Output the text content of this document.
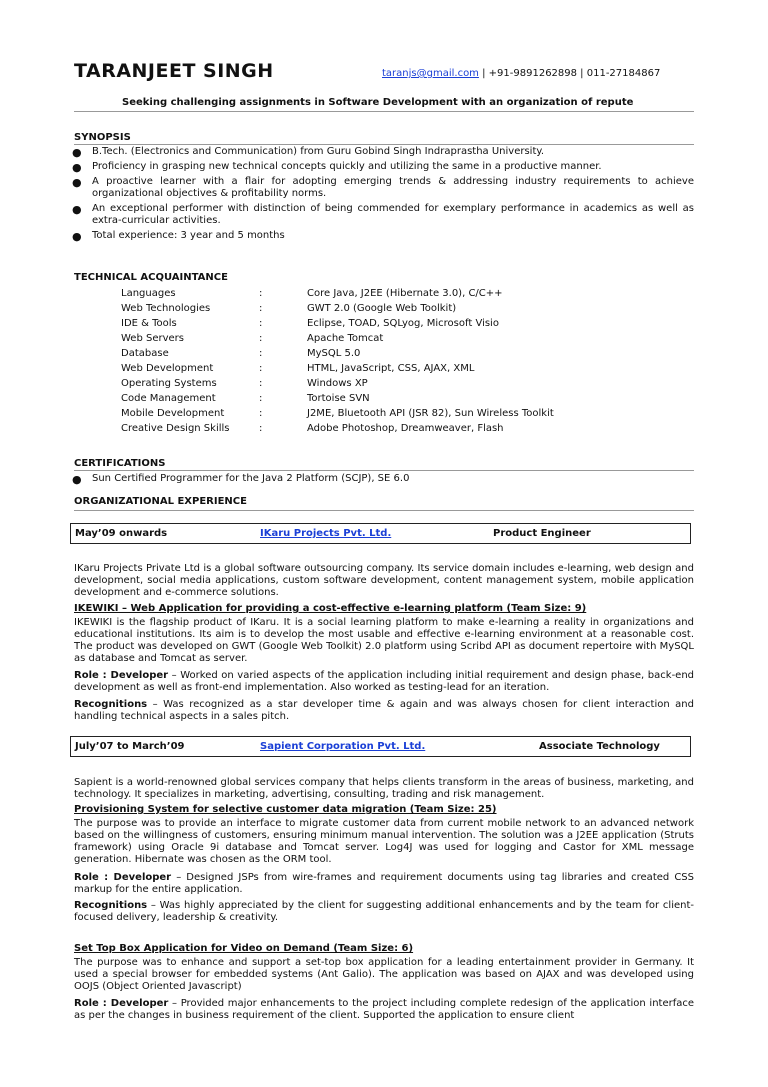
TARANJEET SINGH	taranjs@gmail.com | +91-9891262898 | 011-27184867
Seeking challenging assignments in Software Development with an organization of repute
SYNOPSIS
● B.Tech. (Electronics and Communication) from Guru Gobind Singh Indraprastha University.
● Proficiency in grasping new technical concepts quickly and utilizing the same in a productive manner.
● A proactive learner with a flair for adopting emerging trends & addressing industry requirements to achieve organizational objectives & profitability norms.
● An exceptional performer with distinction of being commended for exemplary performance in academics as well as extra-curricular activities.
● Total experience: 3 year and 5 months
TECHNICAL ACQUAINTANCE
Languages	:	Core Java, J2EE (Hibernate 3.0), C/C++
Web Technologies	:	GWT 2.0 (Google Web Toolkit)
IDE & Tools	:	Eclipse, TOAD, SQLyog, Microsoft Visio
Web Servers	:	Apache Tomcat
Database	:	MySQL 5.0
Web Development	:	HTML, JavaScript, CSS, AJAX, XML
Operating Systems	:	Windows XP
Code Management	:	Tortoise SVN
Mobile Development	:	J2ME, Bluetooth API (JSR 82), Sun Wireless Toolkit
Creative Design Skills	:	Adobe Photoshop, Dreamweaver, Flash
CERTIFICATIONS
● Sun Certified Programmer for the Java 2 Platform (SCJP), SE 6.0
ORGANIZATIONAL EXPERIENCE
May’09 onwards	IKaru Projects Pvt. Ltd.	Product Engineer

IKaru Projects Private Ltd is a global software outsourcing company. Its service domain includes e-learning, web design and development, social media applications, custom software development, content management system, mobile application development and e-commerce solutions.

IKEWIKI – Web Application for providing a cost-effective e-learning platform (Team Size: 9)

IKEWIKI is the flagship product of IKaru. It is a social learning platform to make e-learning a reality in organizations and educational institutions. Its aim is to develop the most usable and effective e-learning environment at a reasonable cost. The product was developed on GWT (Google Web Toolkit) 2.0 platform using Scribd API as document repertoire with MySQL as database and Tomcat as server.

Role : Developer – Worked on varied aspects of the application including initial requirement and design phase, back-end development as well as front-end implementation. Also worked as testing-lead for an iteration.

Recognitions – Was recognized as a star developer time & again and was always chosen for client interaction and handling technical aspects in a sales pitch.

July’07 to March’09	Sapient Corporation Pvt. Ltd.	Associate Technology

Sapient is a world-renowned global services company that helps clients transform in the areas of business, marketing, and technology. It specializes in marketing, advertising, consulting, trading and risk management.

Provisioning System for selective customer data migration (Team Size: 25)

The purpose was to provide an interface to migrate customer data from current mobile network to an advanced network based on the willingness of customers, ensuring minimum manual intervention. The solution was a J2EE application (Struts framework) using Oracle 9i database and Tomcat server. Log4J was used for logging and Castor for XML message generation. Hibernate was chosen as the ORM tool.

Role : Developer – Designed JSPs from wire-frames and requirement documents using tag libraries and created CSS markup for the entire application.

Recognitions – Was highly appreciated by the client for suggesting additional enhancements and by the team for client-focused delivery, leadership & creativity.

Set Top Box Application for Video on Demand (Team Size: 6)

The purpose was to enhance and support a set-top box application for a leading entertainment provider in Germany. It used a special browser for embedded systems (Ant Galio). The application was based on AJAX and was developed using OOJS (Object Oriented Javascript)

Role : Developer – Provided major enhancements to the project including complete redesign of the application interface as per the changes in business requirement of the client. Supported the application to ensure client
